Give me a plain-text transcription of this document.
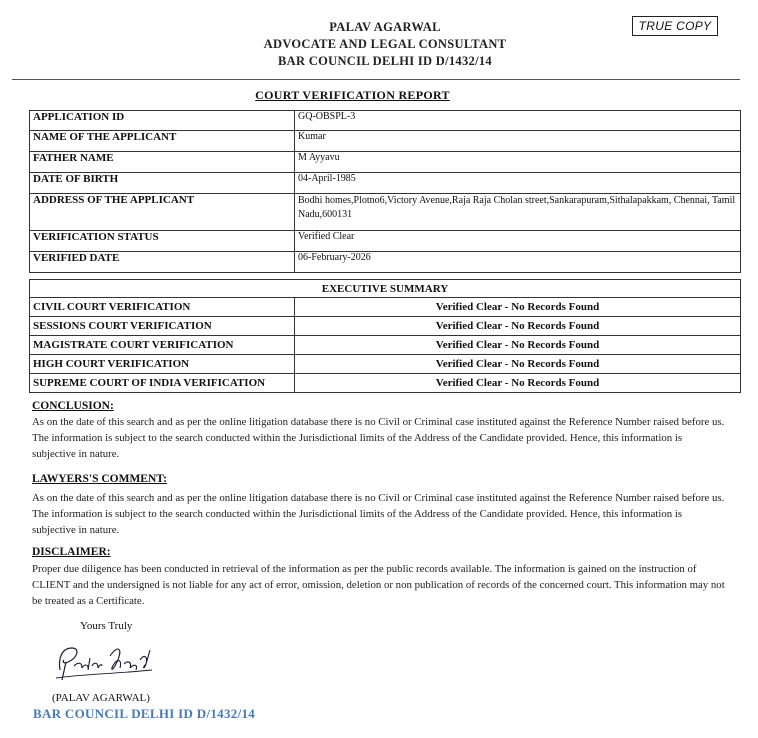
PALAV AGARWAL
ADVOCATE AND LEGAL CONSULTANT
BAR COUNCIL DELHI ID D/1432/14
TRUE COPY
COURT VERIFICATION REPORT
APPLICATION ID	GQ-OBSPL-3
NAME OF THE APPLICANT	Kumar
FATHER NAME	M Ayyavu
DATE OF BIRTH	04-April-1985
ADDRESS OF THE APPLICANT	Bodhi homes,Plotno6,Victory Avenue,Raja Raja Cholan street,Sankarapuram,Sithalapakkam, Chennai, Tamil Nadu,600131
VERIFICATION STATUS	Verified Clear
VERIFIED DATE	06-February-2026
EXECUTIVE SUMMARY	
CIVIL COURT VERIFICATION	Verified Clear - No Records Found
SESSIONS COURT VERIFICATION	Verified Clear - No Records Found
MAGISTRATE COURT VERIFICATION	Verified Clear - No Records Found
HIGH COURT VERIFICATION	Verified Clear - No Records Found
SUPREME COURT OF INDIA VERIFICATION	Verified Clear - No Records Found
CONCLUSION:
As on the date of this search and as per the online litigation database there is no Civil or Criminal case instituted against the Reference Number raised before us. The information is subject to the search conducted within the Jurisdictional limits of the Address of the Candidate provided. Hence, this information is subjective in nature.
LAWYERS'S COMMENT:
As on the date of this search and as per the online litigation database there is no Civil or Criminal case instituted against the Reference Number raised before us. The information is subject to the search conducted within the Jurisdictional limits of the Address of the Candidate provided. Hence, this information is subjective in nature.
DISCLAIMER:
Proper due diligence has been conducted in retrieval of the information as per the public records available. The information is gained on the instruction of CLIENT and the undersigned is not liable for any act of error, omission, deletion or non publication of records of the concerned court. This information may not be treated as a Certificate.
Yours Truly
(PALAV AGARWAL)
BAR COUNCIL DELHI ID D/1432/14
